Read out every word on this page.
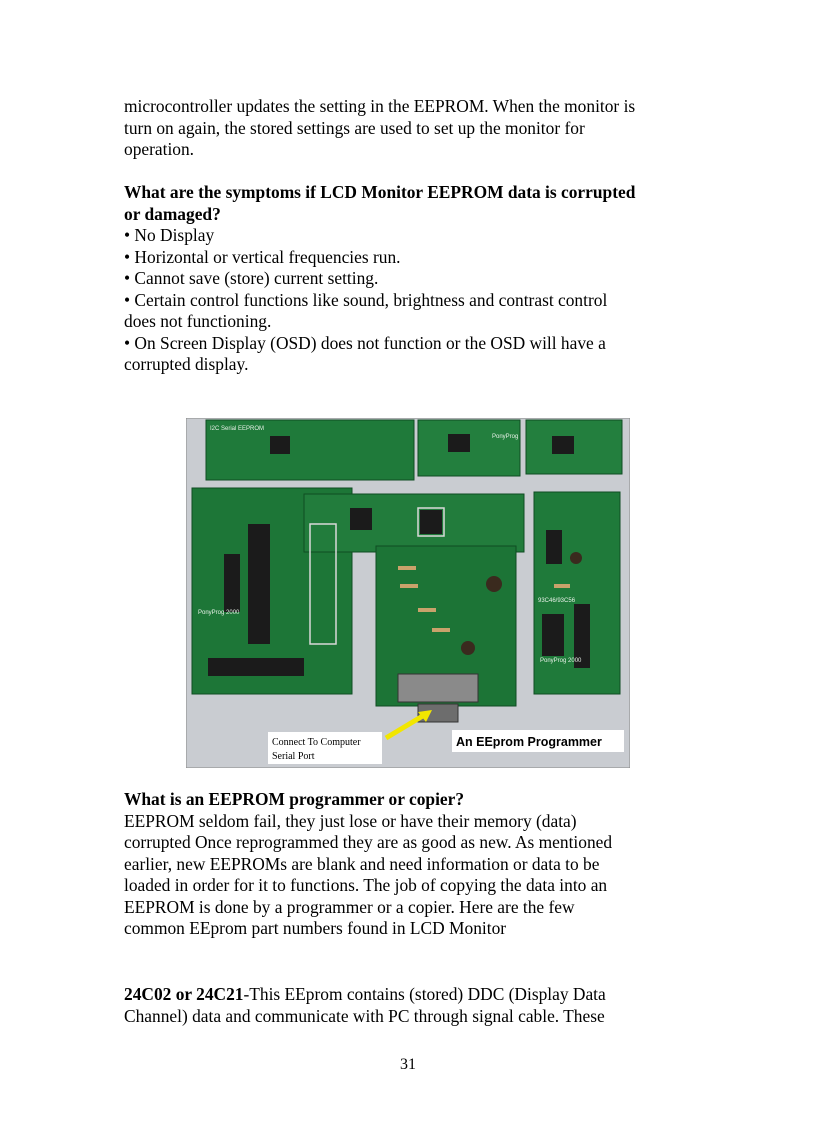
microcontroller updates the setting in the EEPROM. When the monitor is

turn on again, the stored settings are used to set up the monitor for

operation.

What are the symptoms if LCD Monitor EEPROM data is corrupted

or damaged?

• No Display

• Horizontal or vertical frequencies run.

• Cannot save (store) current setting.

• Certain control functions like sound, brightness and contrast control

does not functioning.

• On Screen Display (OSD) does not function or the OSD will have a

corrupted display.

I2C Serial EEPROM
PonyProg 2000
PonyProg
PonyProg 2000
93C46/93C56
Connect To Computer
Serial Port
An EEprom Programmer

What is an EEPROM programmer or copier?

EEPROM seldom fail, they just lose or have their memory (data)

corrupted Once reprogrammed they are as good as new. As mentioned

earlier, new EEPROMs are blank and need information or data to be

loaded in order for it to functions. The job of copying the data into an

EEPROM is done by a programmer or a copier. Here are the few

common EEprom part numbers found in LCD Monitor

24C02 or 24C21-This EEprom contains (stored) DDC (Display Data

Channel) data and communicate with PC through signal cable. These

31
